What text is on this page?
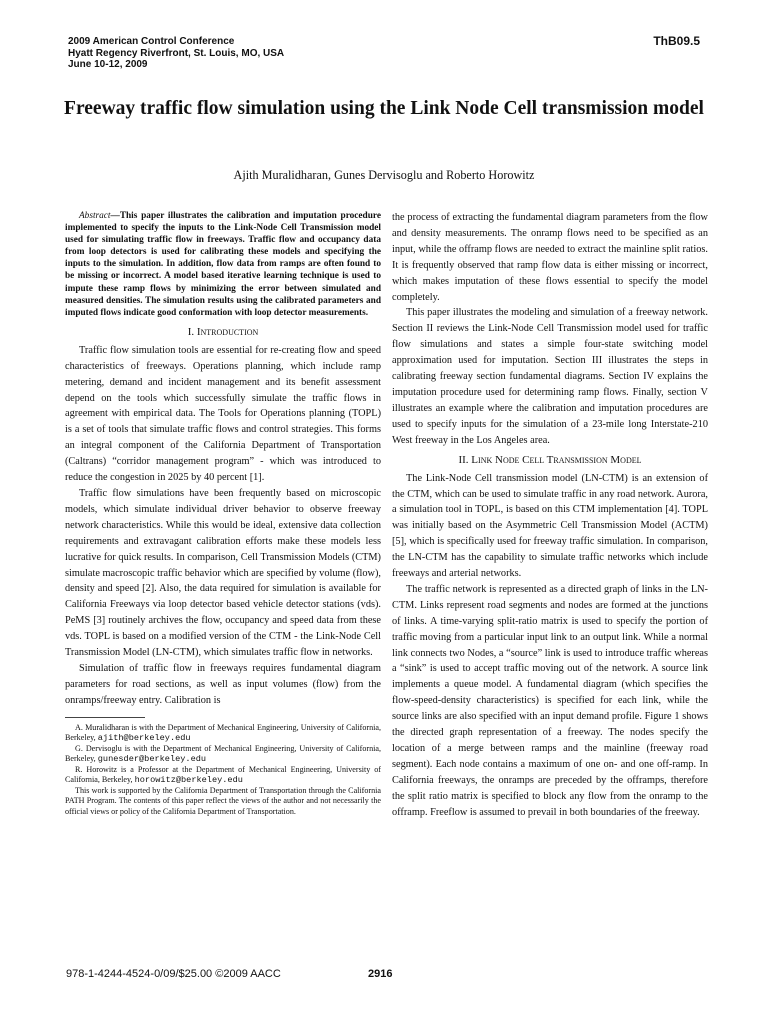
2009 American Control Conference
Hyatt Regency Riverfront, St. Louis, MO, USA
June 10-12, 2009
ThB09.5
Freeway traffic flow simulation using the Link Node Cell transmission model
Ajith Muralidharan, Gunes Dervisoglu and Roberto Horowitz

Abstract—This paper illustrates the calibration and imputation procedure implemented to specify the inputs to the Link-Node Cell Transmission model used for simulating traffic flow in freeways. Traffic flow and occupancy data from loop detectors is used for calibrating these models and specifying the inputs to the simulation. In addition, flow data from ramps are often found to be missing or incorrect. A model based iterative learning technique is used to impute these ramp flows by minimizing the error between simulated and measured densities. The simulation results using the calibrated parameters and imputed flows indicate good conformation with loop detector measurements.

I. Introduction

Traffic flow simulation tools are essential for re-creating flow and speed characteristics of freeways. Operations planning, which include ramp metering, demand and incident management and its benefit assessment depend on the tools which successfully simulate the traffic flows in agreement with empirical data. The Tools for Operations planning (TOPL) is a set of tools that simulate traffic flows and control strategies. This forms an integral component of the California Department of Transportation (Caltrans) “corridor management program” - which was introduced to reduce the congestion in 2025 by 40 percent [1].

Traffic flow simulations have been frequently based on microscopic models, which simulate individual driver behavior to observe freeway network characteristics. While this would be ideal, extensive data collection requirements and extravagant calibration efforts make these models less lucrative for quick results. In comparison, Cell Transmission Models (CTM) simulate macroscopic traffic behavior which are specified by volume (flow), density and speed [2]. Also, the data required for simulation is available for California Freeways via loop detector based vehicle detector stations (vds). PeMS [3] routinely archives the flow, occupancy and speed data from these vds. TOPL is based on a modified version of the CTM - the Link-Node Cell Transmission Model (LN-CTM), which simulates traffic flow in networks.

Simulation of traffic flow in freeways requires fundamental diagram parameters for road sections, as well as input volumes (flow) from the onramps/freeway entry. Calibration is

A. Muralidharan is with the Department of Mechanical Engineering, University of California, Berkeley, ajith@berkeley.edu

G. Dervisoglu is with the Department of Mechanical Engineering, University of California, Berkeley, gunesder@berkeley.edu

R. Horowitz is a Professor at the Department of Mechanical Engineering, University of California, Berkeley, horowitz@berkeley.edu

This work is supported by the California Department of Transportation through the California PATH Program. The contents of this paper reflect the views of the author and not necessarily the official views or policy of the California Department of Transportation.

the process of extracting the fundamental diagram parameters from the flow and density measurements. The onramp flows need to be specified as an input, while the offramp flows are needed to extract the mainline split ratios. It is frequently observed that ramp flow data is either missing or incorrect, which makes imputation of these flows essential to specify the model completely.

This paper illustrates the modeling and simulation of a freeway network. Section II reviews the Link-Node Cell Transmission model used for traffic flow simulations and states a simple four-state switching model approximation used for imputation. Section III illustrates the steps in calibrating freeway section fundamental diagrams. Section IV explains the imputation procedure used for determining ramp flows. Finally, section V illustrates an example where the calibration and imputation procedures are used to specify inputs for the simulation of a 23-mile long Interstate-210 West freeway in the Los Angeles area.

II. Link Node Cell Transmission Model

The Link-Node Cell transmission model (LN-CTM) is an extension of the CTM, which can be used to simulate traffic in any road network. Aurora, a simulation tool in TOPL, is based on this CTM implementation [4]. TOPL was initially based on the Asymmetric Cell Transmission Model (ACTM) [5], which is specifically used for freeway traffic simulation. In comparison, the LN-CTM has the capability to simulate traffic networks which include freeways and arterial networks.

The traffic network is represented as a directed graph of links in the LN-CTM. Links represent road segments and nodes are formed at the junctions of links. A time-varying split-ratio matrix is used to specify the portion of traffic moving from a particular input link to an output link. While a normal link connects two Nodes, a “source” link is used to introduce traffic whereas a “sink” is used to accept traffic moving out of the network. A source link implements a queue model. A fundamental diagram (which specifies the flow-speed-density characteristics) is specified for each link, while the source links are also specified with an input demand profile. Figure 1 shows the directed graph representation of a freeway. The nodes specify the location of a merge between ramps and the mainline (freeway road segment). Each node contains a maximum of one on- and one off-ramp. In California freeways, the onramps are preceded by the offramps, therefore the split ratio matrix is specified to block any flow from the onramp to the offramp. Freeflow is assumed to prevail in both boundaries of the freeway.

978-1-4244-4524-0/09/$25.00 ©2009 AACC	2916
